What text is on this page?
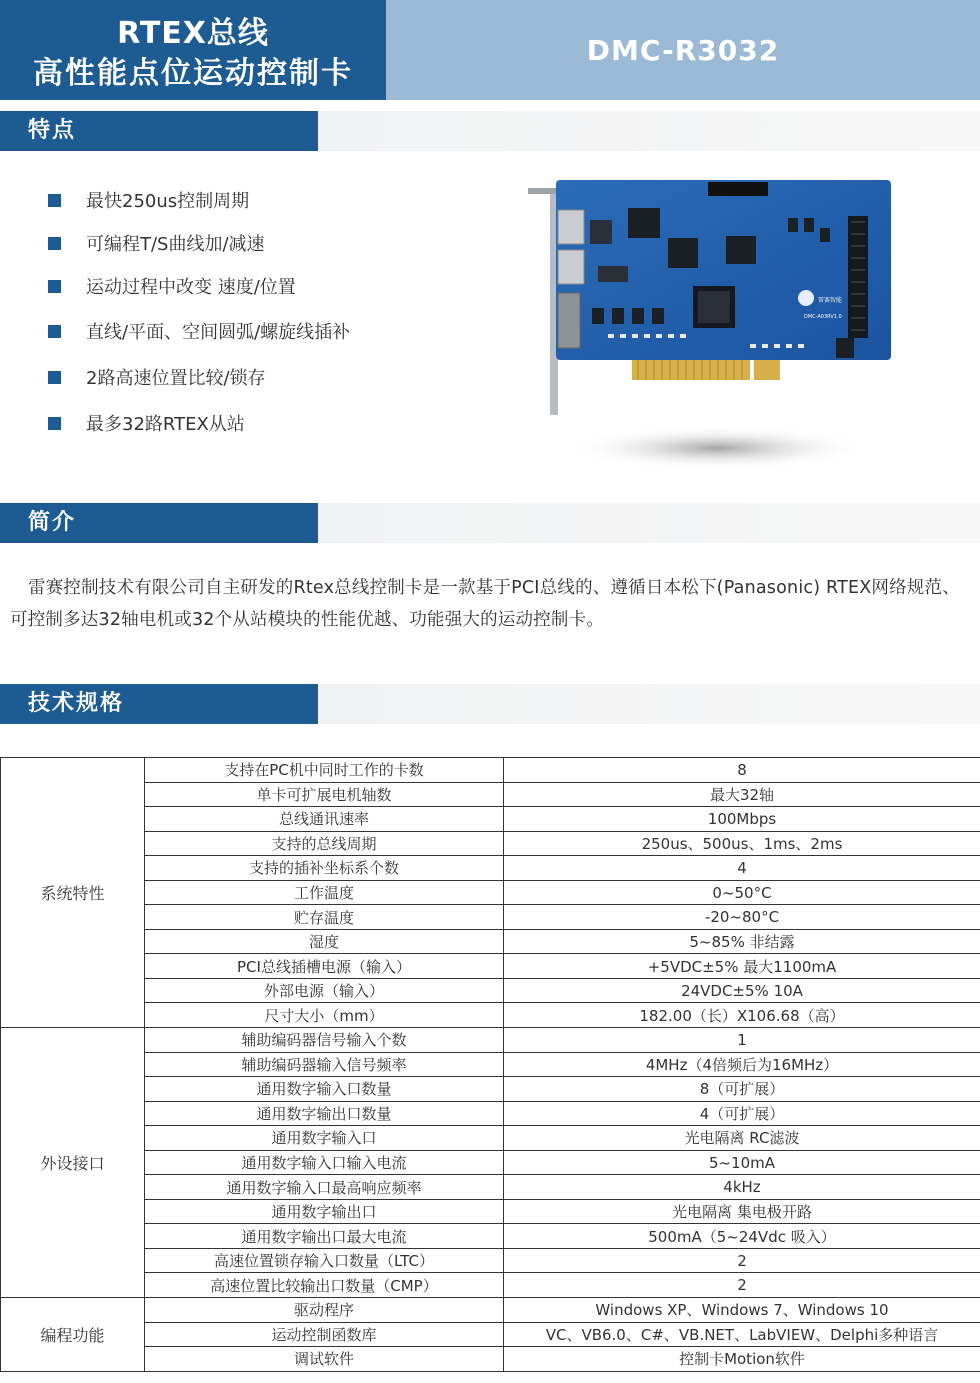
RTEX总线
高性能点位运动控制卡
DMC-R3032
特点
最快250us控制周期
可编程T/S曲线加/减速
运动过程中改变 速度/位置
直线/平面、空间圆弧/螺旋线插补
2路高速位置比较/锁存
最多32路RTEX从站
雷赛智能
DMC-A03RV1.0
简介
雷赛控制技术有限公司自主研发的Rtex总线控制卡是一款基于PCI总线的、遵循日本松下(Panasonic) RTEX网络规范、可控制多达32轴电机或32个从站模块的性能优越、功能强大的运动控制卡。
技术规格
系统特性	支持在PC机中同时工作的卡数	8
	单卡可扩展电机轴数	最大32轴
	总线通讯速率	100Mbps
	支持的总线周期	250us、500us、1ms、2ms
	支持的插补坐标系个数	4
	工作温度	0~50°C
	贮存温度	-20~80°C
	湿度	5~85% 非结露
	PCI总线插槽电源（输入）	+5VDC±5% 最大1100mA
	外部电源（输入）	24VDC±5% 10A
	尺寸大小（mm）	182.00（长）X106.68（高）
外设接口	辅助编码器信号输入个数	1
	辅助编码器输入信号频率	4MHz（4倍频后为16MHz）
	通用数字输入口数量	8（可扩展）
	通用数字输出口数量	4（可扩展）
	通用数字输入口	光电隔离 RC滤波
	通用数字输入口输入电流	5~10mA
	通用数字输入口最高响应频率	4kHz
	通用数字输出口	光电隔离 集电极开路
	通用数字输出口最大电流	500mA（5~24Vdc 吸入）
	高速位置锁存输入口数量（LTC）	2
	高速位置比较输出口数量（CMP）	2
编程功能	驱动程序	Windows XP、Windows 7、Windows 10
	运动控制函数库	VC、VB6.0、C#、VB.NET、LabVIEW、Delphi多种语言
	调试软件	控制卡Motion软件
